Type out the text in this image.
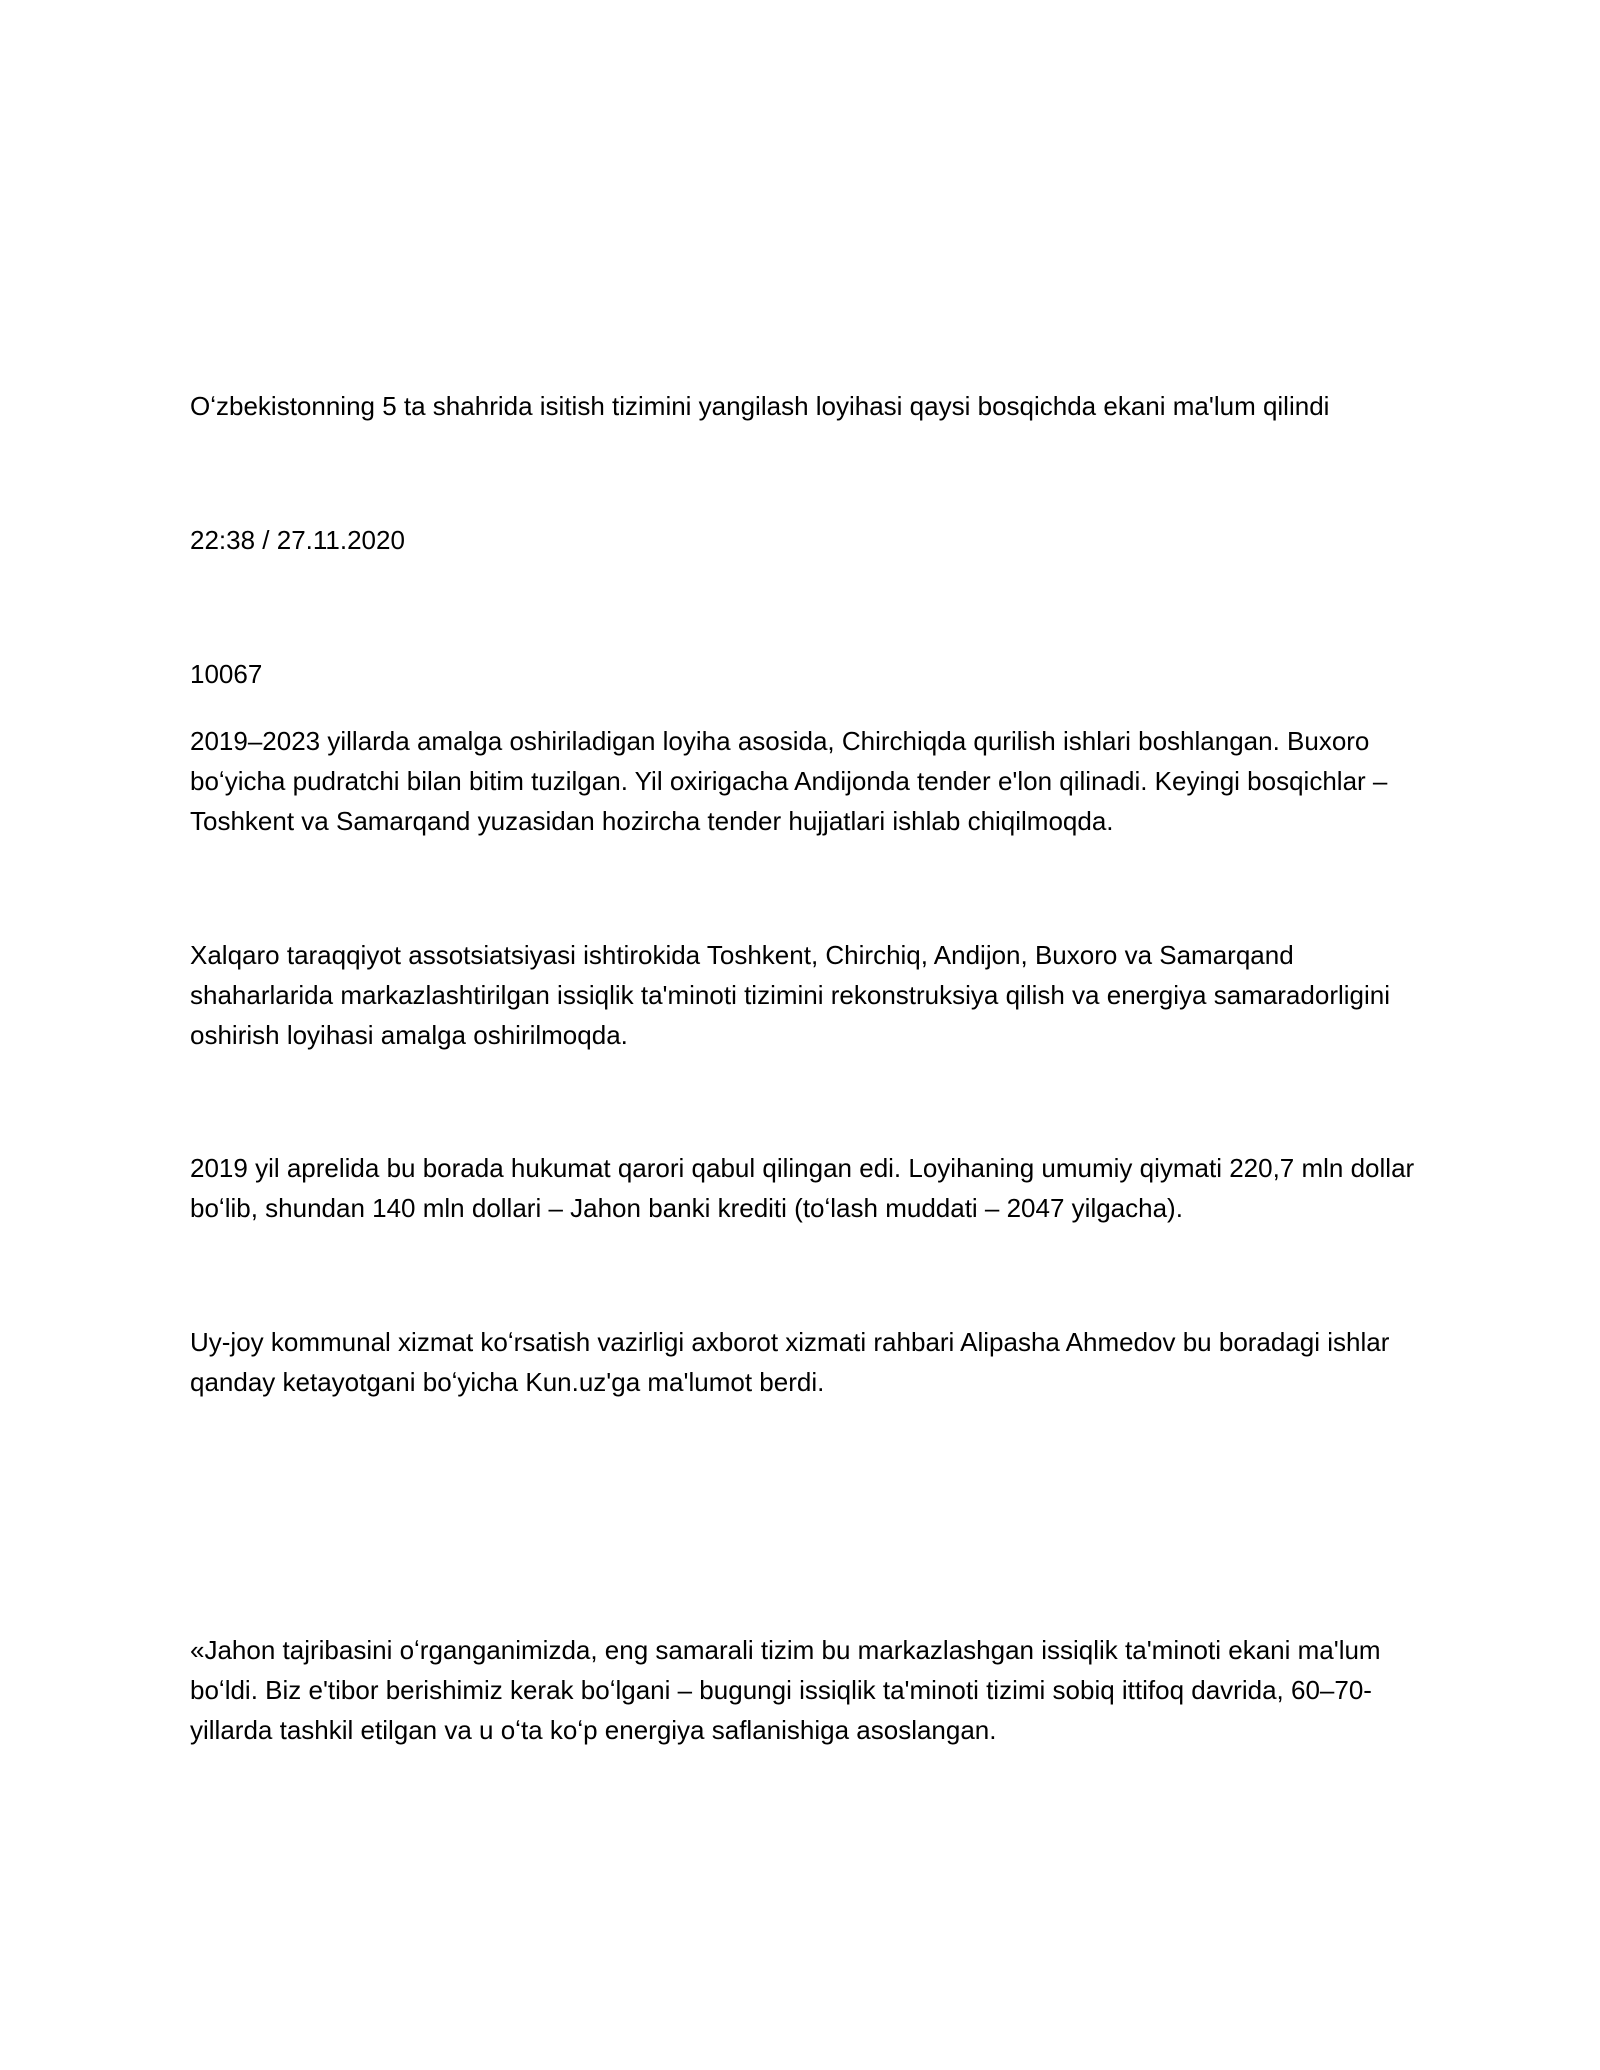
Oʻzbekistonning 5 ta shahrida isitish tizimini yangilash loyihasi qaysi bosqichda ekani ma'lum qilindi

22:38 / 27.11.2020

10067

2019–2023 yillarda amalga oshiriladigan loyiha asosida, Chirchiqda qurilish ishlari boshlangan. Buxoro boʻyicha pudratchi bilan bitim tuzilgan. Yil oxirigacha Andijonda tender e'lon qilinadi. Keyingi bosqichlar – Toshkent va Samarqand yuzasidan hozircha tender hujjatlari ishlab chiqilmoqda.

Xalqaro taraqqiyot assotsiatsiyasi ishtirokida Toshkent, Chirchiq, Andijon, Buxoro va Samarqand shaharlarida markazlashtirilgan issiqlik ta'minoti tizimini rekonstruksiya qilish va energiya samaradorligini oshirish loyihasi amalga oshirilmoqda.

2019 yil aprelida bu borada hukumat qarori qabul qilingan edi. Loyihaning umumiy qiymati 220,7 mln dollar boʻlib, shundan 140 mln dollari – Jahon banki krediti (toʻlash muddati – 2047 yilgacha).

Uy-joy kommunal xizmat koʻrsatish vazirligi axborot xizmati rahbari Alipasha Ahmedov bu boradagi ishlar qanday ketayotgani boʻyicha Kun.uz'ga ma'lumot berdi.

«Jahon tajribasini oʻrganganimizda, eng samarali tizim bu markazlashgan issiqlik ta'minoti ekani ma'lum boʻldi. Biz e'tibor berishimiz kerak boʻlgani – bugungi issiqlik ta'minoti tizimi sobiq ittifoq davrida, 60–70-yillarda tashkil etilgan va u oʻta koʻp energiya saflanishiga asoslangan.
